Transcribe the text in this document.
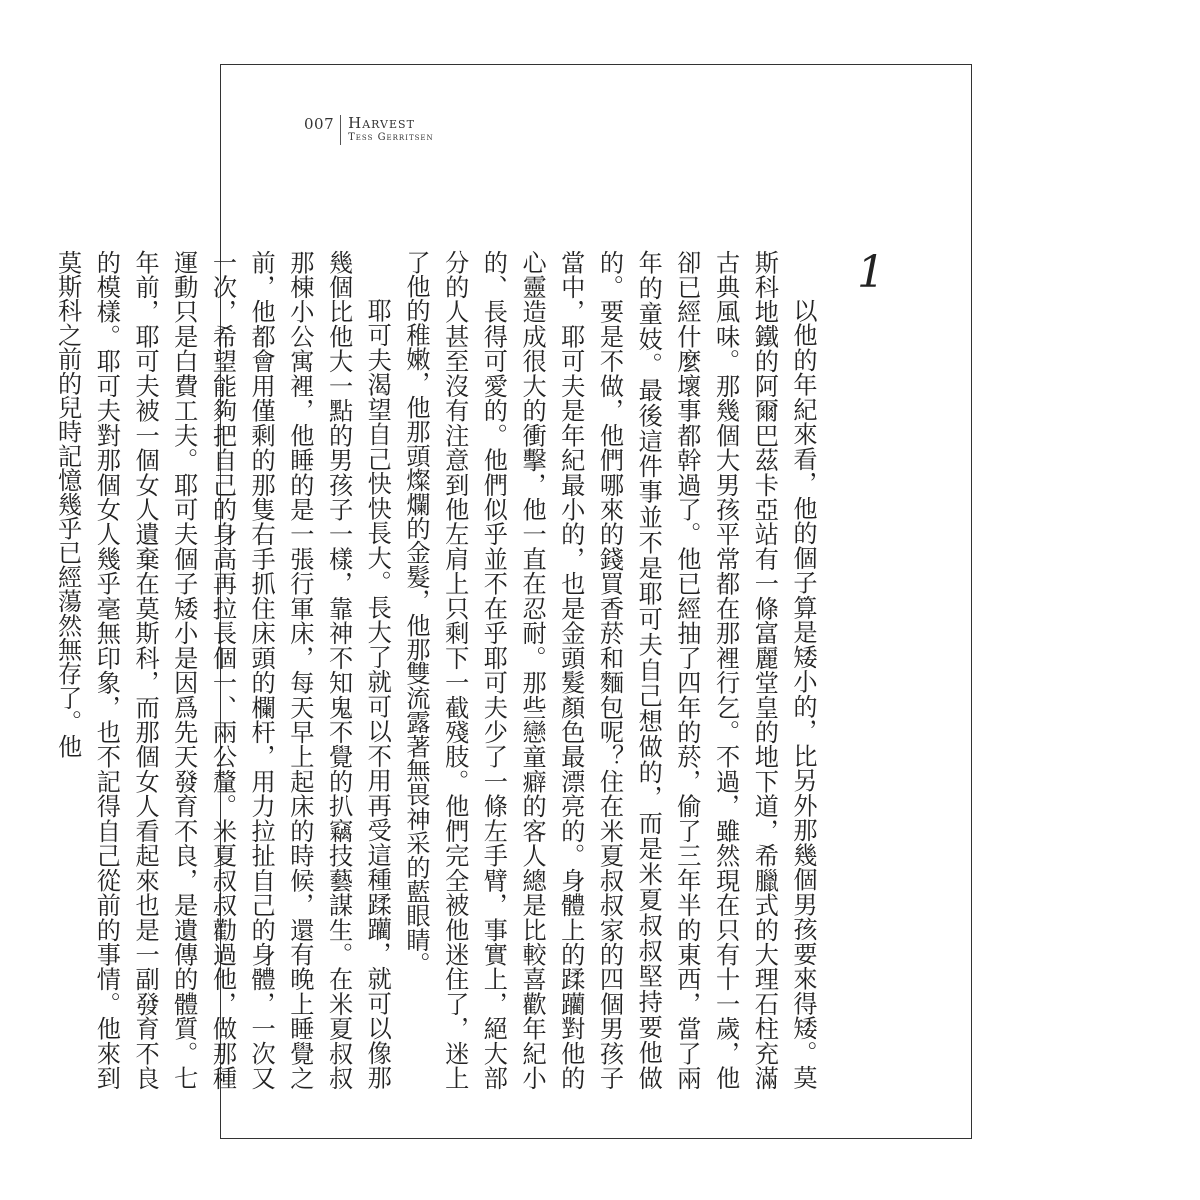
007 Harvest
Tess Gerritsen
1

以他的年紀來看，他的個子算是矮小的，比另外那幾個男孩要來得矮。莫斯科地鐵的阿爾巴茲卡亞站有一條富麗堂皇的地下道，希臘式的大理石柱充滿古典風味。那幾個大男孩平常都在那裡行乞。不過，雖然現在只有十一歲，他卻已經什麼壞事都幹過了。他已經抽了四年的菸，偷了三年半的東西，當了兩年的童妓。最後這件事並不是耶可夫自己想做的，而是米夏叔叔堅持要他做的。要是不做，他們哪來的錢買香菸和麵包呢？住在米夏叔叔家的四個男孩子當中，耶可夫是年紀最小的，也是金頭髮顏色最漂亮的。身體上的蹂躪對他的心靈造成很大的衝擊，他一直在忍耐。那些戀童癖的客人總是比較喜歡年紀小的、長得可愛的。他們似乎並不在乎耶可夫少了一條左手臂，事實上，絕大部分的人甚至沒有注意到他左肩上只剩下一截殘肢。他們完全被他迷住了，迷上了他的稚嫩，他那頭燦爛的金髮，他那雙流露著無畏神采的藍眼睛。

耶可夫渴望自己快快長大。長大了就可以不用再受這種蹂躪，就可以像那幾個比他大一點的男孩子一樣，靠神不知鬼不覺的扒竊技藝謀生。在米夏叔叔那棟小公寓裡，他睡的是一張行軍床，每天早上起床的時候，還有晚上睡覺之前，他都會用僅剩的那隻右手抓住床頭的欄杆，用力拉扯自己的身體，一次又一次，希望能夠把自己的身高再拉長個一、兩公釐。米夏叔叔勸過他，做那種運動只是白費工夫。耶可夫個子矮小是因爲先天發育不良，是遺傳的體質。七年前，耶可夫被一個女人遺棄在莫斯科，而那個女人看起來也是一副發育不良的模樣。耶可夫對那個女人幾乎毫無印象，也不記得自己從前的事情。他來到莫斯科之前的兒時記憶幾乎已經蕩然無存了。他
